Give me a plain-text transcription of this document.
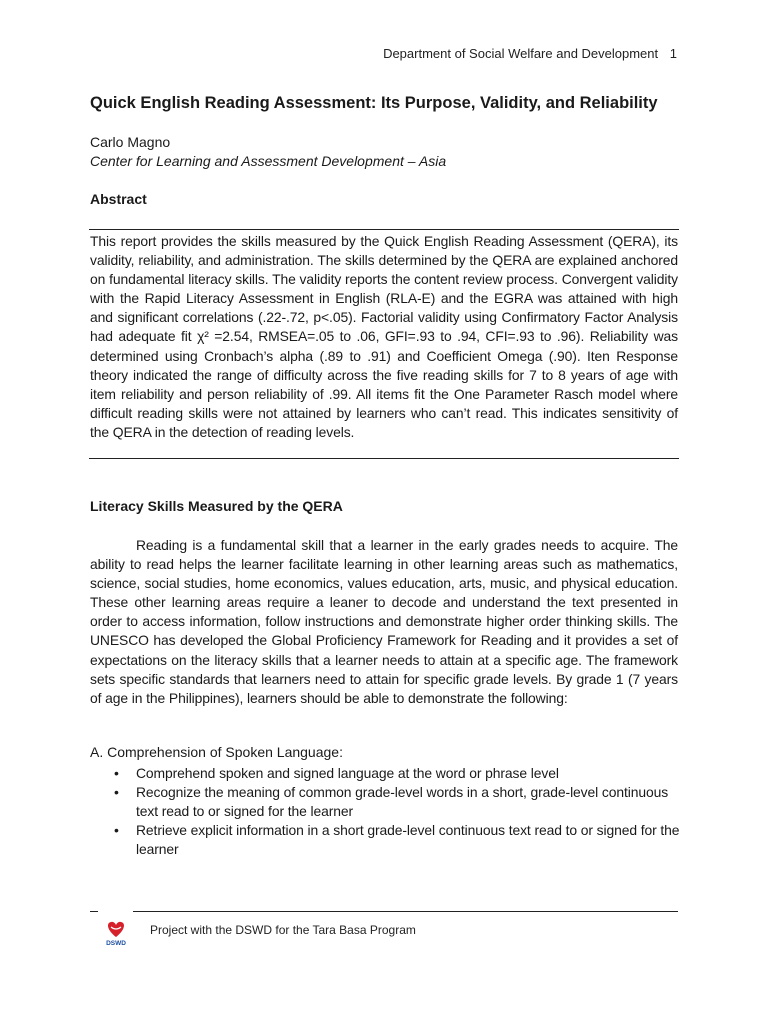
Department of Social Welfare and Development 1
Quick English Reading Assessment: Its Purpose, Validity, and Reliability
Carlo Magno
Center for Learning and Assessment Development – Asia
Abstract

This report provides the skills measured by the Quick English Reading Assessment (QERA), its validity, reliability, and administration. The skills determined by the QERA are explained anchored on fundamental literacy skills. The validity reports the content review process. Convergent validity with the Rapid Literacy Assessment in English (RLA-E) and the EGRA was attained with high and significant correlations (.22-.72, p<.05). Factorial validity using Confirmatory Factor Analysis had adequate fit χ² =2.54, RMSEA=.05 to .06, GFI=.93 to .94, CFI=.93 to .96). Reliability was determined using Cronbach’s alpha (.89 to .91) and Coefficient Omega (.90). Iten Response theory indicated the range of difficulty across the five reading skills for 7 to 8 years of age with item reliability and person reliability of .99. All items fit the One Parameter Rasch model where difficult reading skills were not attained by learners who can’t read. This indicates sensitivity of the QERA in the detection of reading levels.

Literacy Skills Measured by the QERA

Reading is a fundamental skill that a learner in the early grades needs to acquire. The ability to read helps the learner facilitate learning in other learning areas such as mathematics, science, social studies, home economics, values education, arts, music, and physical education. These other learning areas require a leaner to decode and understand the text presented in order to access information, follow instructions and demonstrate higher order thinking skills. The UNESCO has developed the Global Proficiency Framework for Reading and it provides a set of expectations on the literacy skills that a learner needs to attain at a specific age. The framework sets specific standards that learners need to attain for specific grade levels. By grade 1 (7 years of age in the Philippines), learners should be able to demonstrate the following:

A. Comprehension of Spoken Language:
• Comprehend spoken and signed language at the word or phrase level
• Recognize the meaning of common grade-level words in a short, grade-level continuous text read to or signed for the learner
• Retrieve explicit information in a short grade-level continuous text read to or signed for the learner
DSWD
Project with the DSWD for the Tara Basa Program
